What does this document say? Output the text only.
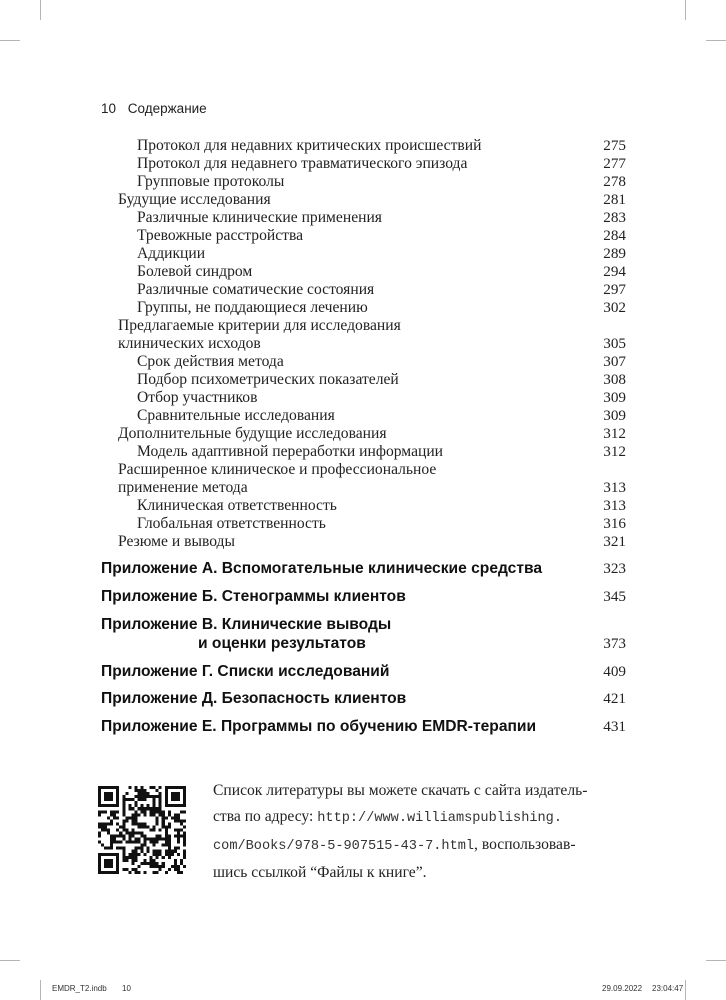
10 Содержание
Протокол для недавних критических происшествий	275
Протокол для недавнего травматического эпизода	277
Групповые протоколы	278
Будущие исследования	281
Различные клинические применения	283
Тревожные расстройства	284
Аддикции	289
Болевой синдром	294
Различные соматические состояния	297
Группы, не поддающиеся лечению	302
Предлагаемые критерии для исследования
клинических исходов	305
Срок действия метода	307
Подбор психометрических показателей	308
Отбор участников	309
Сравнительные исследования	309
Дополнительные будущие исследования	312
Модель адаптивной переработки информации	312
Расширенное клиническое и профессиональное
применение метода	313
Клиническая ответственность	313
Глобальная ответственность	316
Резюме и выводы	321
Приложение А. Вспомогательные клинические средства	323
Приложение Б. Стенограммы клиентов	345
Приложение В. Клинические выводы
и оценки результатов	373
Приложение Г. Списки исследований	409
Приложение Д. Безопасность клиентов	421
Приложение Е. Программы по обучению EMDR-терапии	431
Список литературы вы можете скачать с сайта издатель-
ства по адресу: http://www.williamspublishing.
com/Books/978-5-907515-43-7.html, воспользовав-
шись ссылкой “Файлы к книге”.
EMDR_T2.indb 10	29.09.2022 23:04:47
